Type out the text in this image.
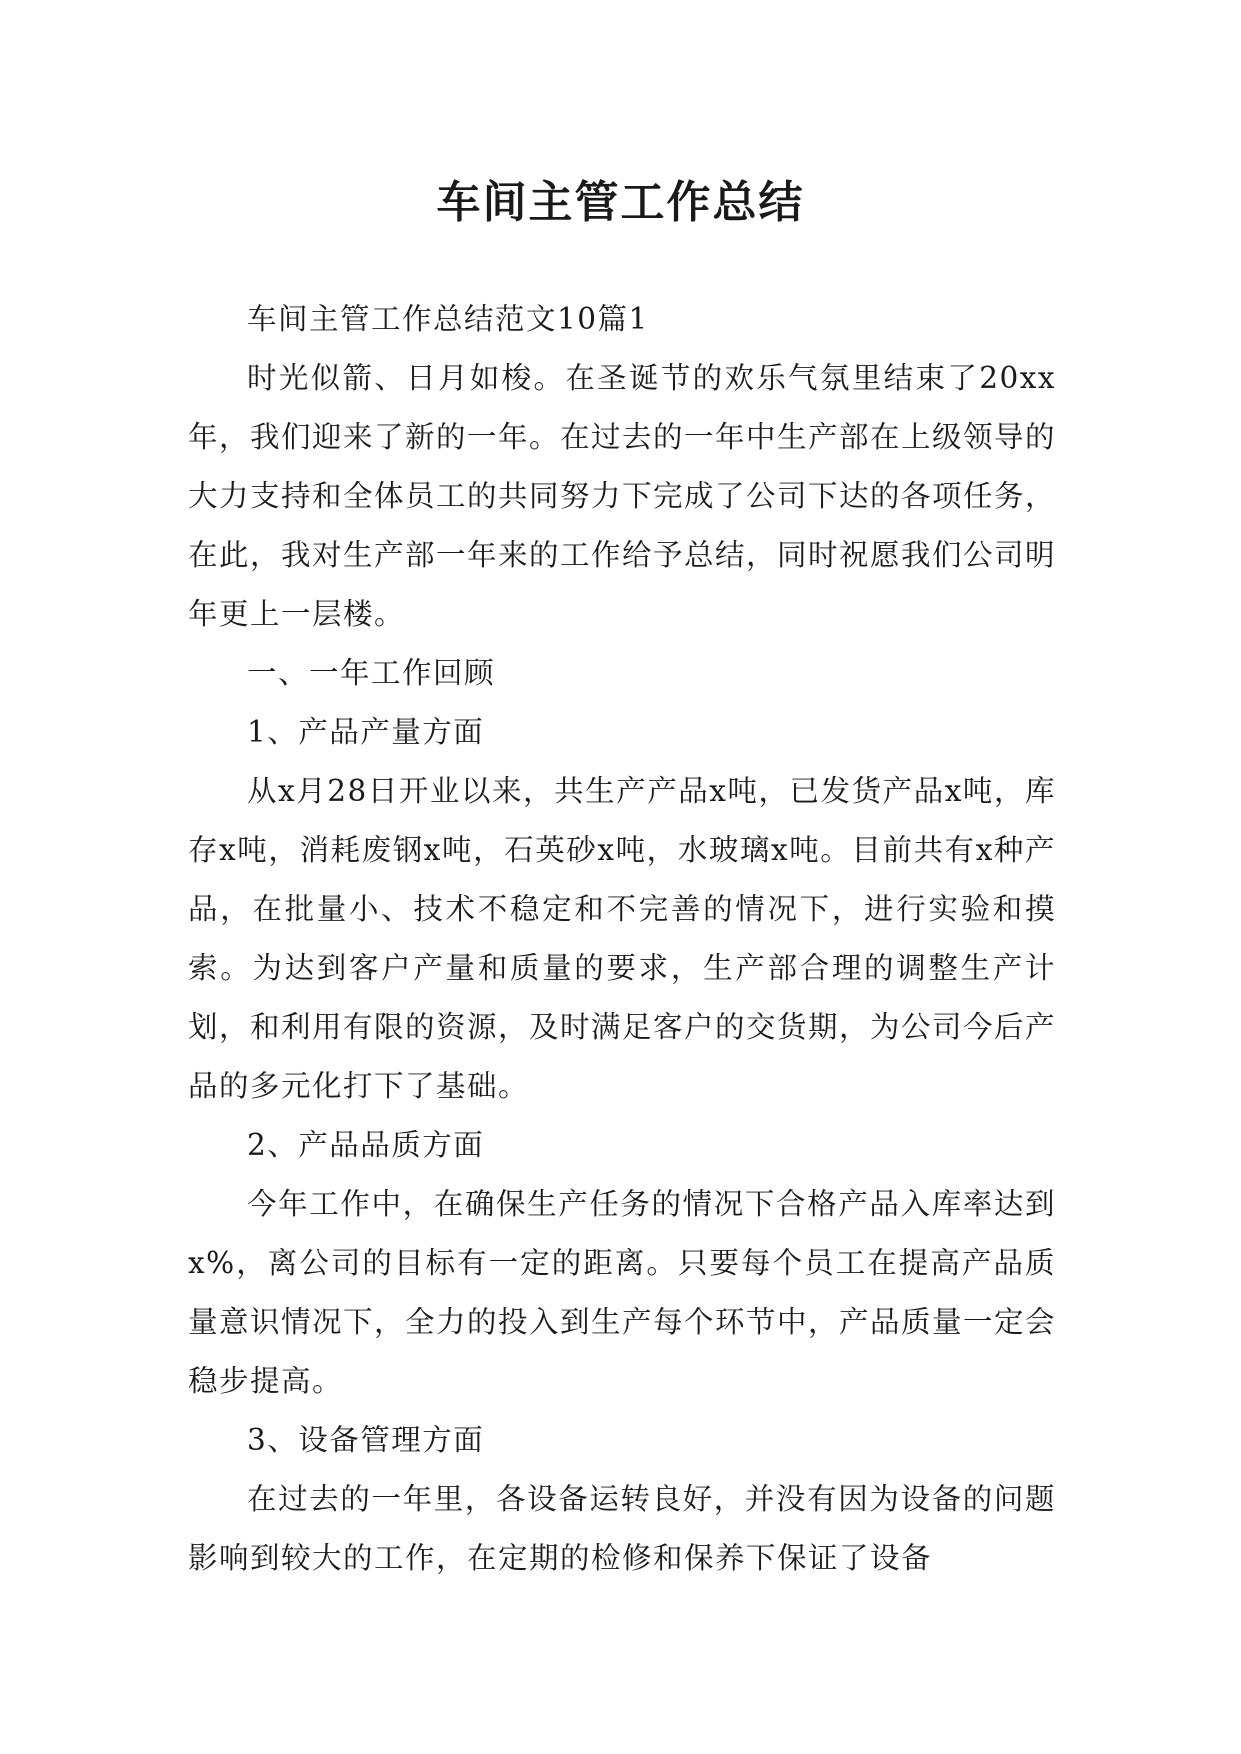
车间主管工作总结

车间主管工作总结范文10篇1

时光似箭、日月如梭。在圣诞节的欢乐气氛里结束了20xx年，我们迎来了新的一年。在过去的一年中生产部在上级领导的大力支持和全体员工的共同努力下完成了公司下达的各项任务，在此，我对生产部一年来的工作给予总结，同时祝愿我们公司明年更上一层楼。

一、一年工作回顾

1、产品产量方面

从x月28日开业以来，共生产产品x吨，已发货产品x吨，库存x吨，消耗废钢x吨，石英砂x吨，水玻璃x吨。目前共有x种产品，在批量小、技术不稳定和不完善的情况下，进行实验和摸索。为达到客户产量和质量的要求，生产部合理的调整生产计划，和利用有限的资源，及时满足客户的交货期，为公司今后产品的多元化打下了基础。

2、产品品质方面

今年工作中，在确保生产任务的情况下合格产品入库率达到x%，离公司的目标有一定的距离。只要每个员工在提高产品质量意识情况下，全力的投入到生产每个环节中，产品质量一定会稳步提高。

3、设备管理方面

在过去的一年里，各设备运转良好，并没有因为设备的问题影响到较大的工作，在定期的检修和保养下保证了设备
